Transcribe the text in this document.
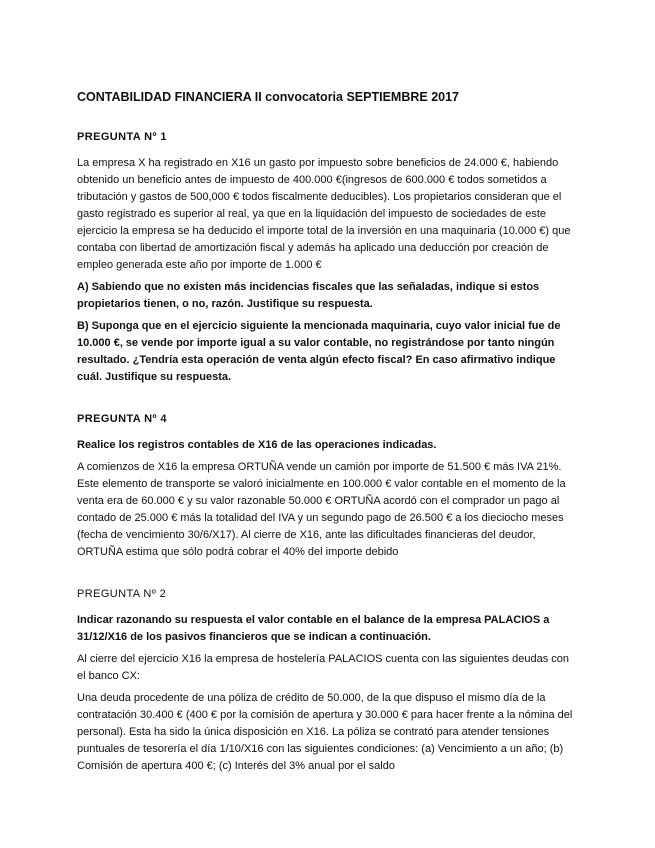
CONTABILIDAD FINANCIERA II convocatoria SEPTIEMBRE 2017
PREGUNTA Nº 1

La empresa X ha registrado en X16 un gasto por impuesto sobre beneficios de 24.000 €, habiendo obtenido un beneficio antes de impuesto de 400.000 €(ingresos de 600.000 € todos sometidos a tributación y gastos de 500,000 € todos fiscalmente deducibles). Los propietarios consideran que el gasto registrado es superior al real, ya que en la liquidación del impuesto de sociedades de este ejercicio la empresa se ha deducido el importe total de la inversión en una maquinaria (10.000 €) que contaba con libertad de amortización fiscal y además ha aplicado una deducción por creación de empleo generada este año por importe de 1.000 €

A) Sabiendo que no existen más incidencias fiscales que las señaladas, indique si estos propietarios tienen, o no, razón. Justifique su respuesta.

B) Suponga que en el ejercicio siguiente la mencionada maquinaria, cuyo valor inicial fue de 10.000 €, se vende por importe igual a su valor contable, no registrándose por tanto ningún resultado. ¿Tendría esta operación de venta algún efecto fiscal? En caso afirmativo indique cuál. Justifique su respuesta.

PREGUNTA Nº 4

Realice los registros contables de X16 de las operaciones indicadas.

A comienzos de X16 la empresa ORTUÑA vende un camión por importe de 51.500 € más IVA 21%. Este elemento de transporte se valoró inicialmente en 100.000 € valor contable en el momento de la venta era de 60.000 € y su valor razonable 50.000 € ORTUÑA acordó con el comprador un pago al contado de 25.000 € más la totalidad del IVA y un segundo pago de 26.500 € a los dieciocho meses (fecha de vencimiento 30/6/X17). Al cierre de X16, ante las dificultades financieras del deudor, ORTUÑA estima que sólo podrá cobrar el 40% del importe debido

PREGUNTA Nº 2

Indicar razonando su respuesta el valor contable en el balance de la empresa PALACIOS a 31/12/X16 de los pasivos financieros que se indican a continuación.

Al cierre del ejercicio X16 la empresa de hostelería PALACIOS cuenta con las siguientes deudas con el banco CX:

Una deuda procedente de una póliza de crédito de 50.000, de la que dispuso el mismo día de la contratación 30.400 € (400 € por la comisión de apertura y 30.000 € para hacer frente a la nómina del personal). Esta ha sido la única disposición en X16. La póliza se contrató para atender tensiones puntuales de tesorería el día 1/10/X16 con las siguientes condiciones: (a) Vencimiento a un año; (b) Comisión de apertura 400 €; (c) Interés del 3% anual por el saldo
